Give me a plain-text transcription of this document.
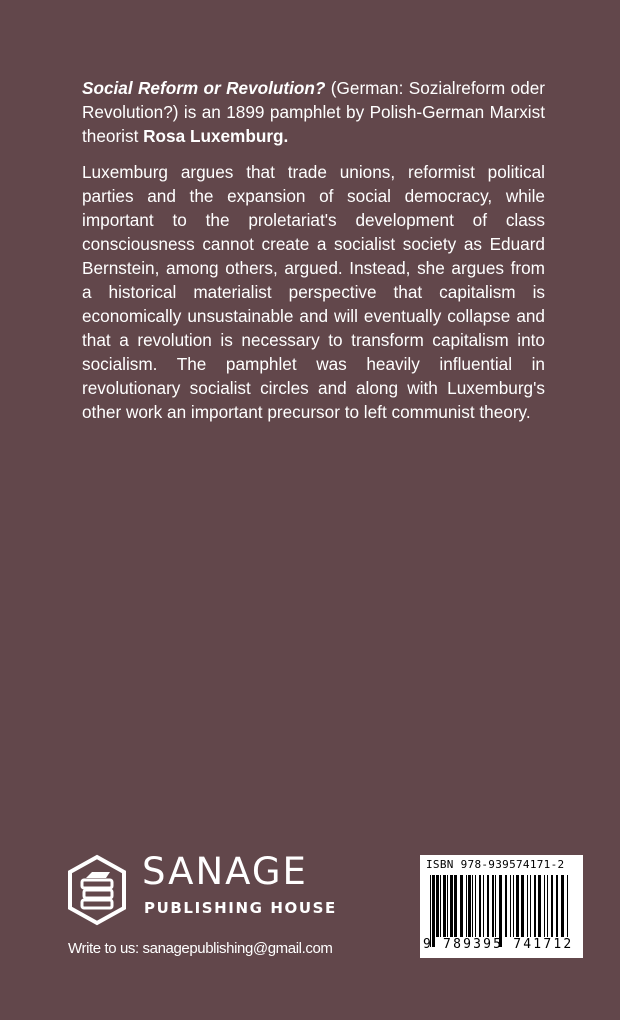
Social Reform or Revolution? (German: Sozialreform oder Revolution?) is an 1899 pamphlet by Polish-German Marxist theorist Rosa Luxemburg.

Luxemburg argues that trade unions, reformist political parties and the expansion of social democracy, while important to the proletariat's development of class consciousness cannot create a socialist society as Eduard Bernstein, among others, argued. Instead, she argues from a historical materialist perspective that capitalism is economically unsustainable and will eventually collapse and that a revolution is necessary to transform capitalism into socialism. The pamphlet was heavily influential in revolutionary socialist circles and along with Luxemburg's other work an important precursor to left communist theory.

SANAGE
PUBLISHING HOUSE
Write to us: sanagepublishing@gmail.com
ISBN 978-939574171-2
9 789395 741712
